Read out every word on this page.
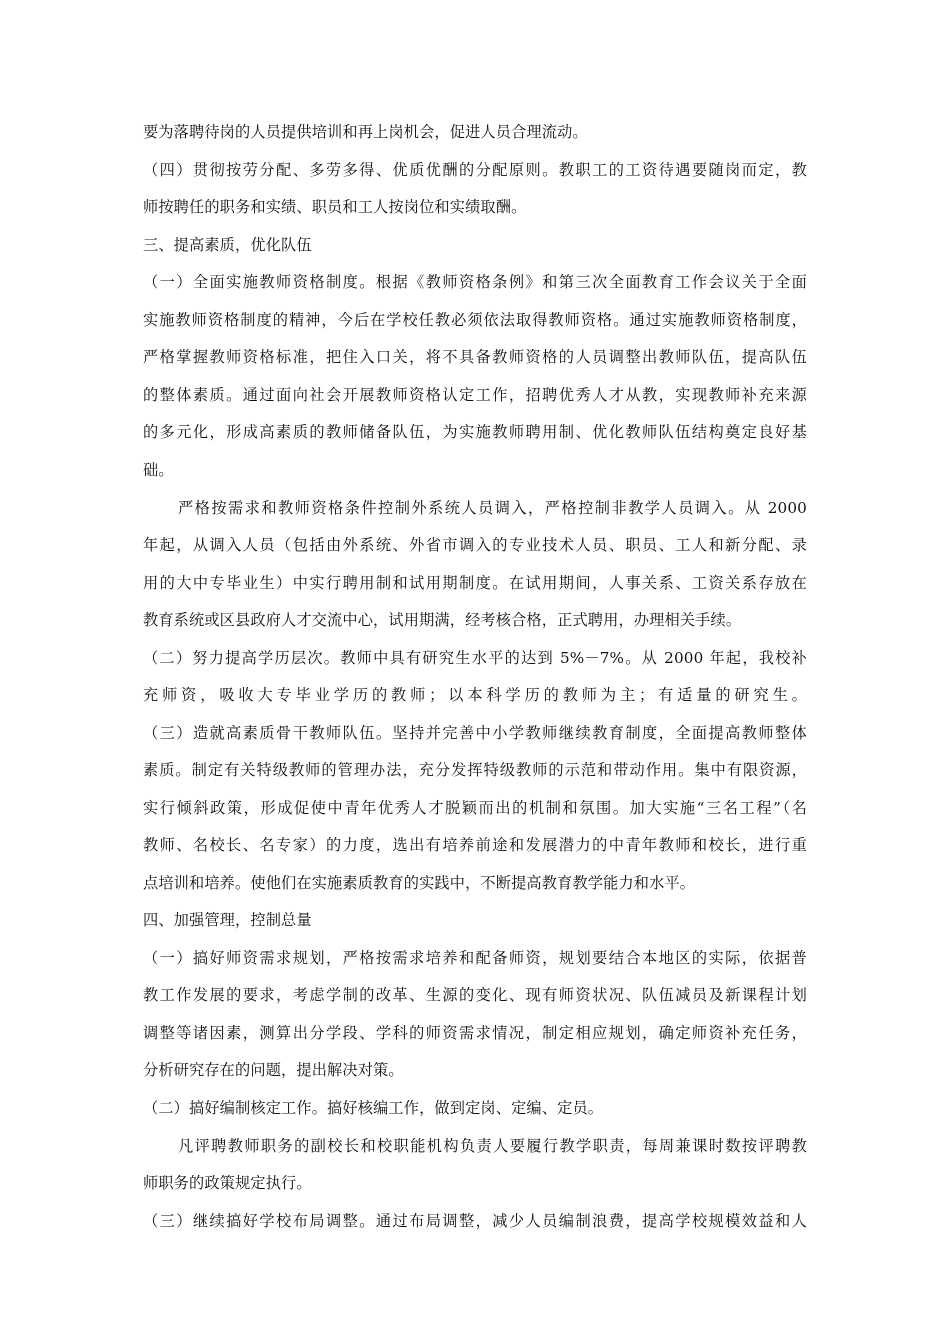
要为落聘待岗的人员提供培训和再上岗机会，促进人员合理流动。
（四）贯彻按劳分配、多劳多得、优质优酬的分配原则。教职工的工资待遇要随岗而定，教
师按聘任的职务和实绩、职员和工人按岗位和实绩取酬。
三、提高素质，优化队伍
（一）全面实施教师资格制度。根据《教师资格条例》和第三次全面教育工作会议关于全面
实施教师资格制度的精神，今后在学校任教必须依法取得教师资格。通过实施教师资格制度，
严格掌握教师资格标准，把住入口关，将不具备教师资格的人员调整出教师队伍，提高队伍
的整体素质。通过面向社会开展教师资格认定工作，招聘优秀人才从教，实现教师补充来源
的多元化，形成高素质的教师储备队伍，为实施教师聘用制、优化教师队伍结构奠定良好基
础。
严格按需求和教师资格条件控制外系统人员调入，严格控制非教学人员调入。从 2000
年起，从调入人员（包括由外系统、外省市调入的专业技术人员、职员、工人和新分配、录
用的大中专毕业生）中实行聘用制和试用期制度。在试用期间，人事关系、工资关系存放在
教育系统或区县政府人才交流中心，试用期满，经考核合格，正式聘用，办理相关手续。
（二）努力提高学历层次。教师中具有研究生水平的达到 5%－7%。从 2000 年起，我校补
充师资，吸收大专毕业学历的教师；以本科学历的教师为主；有适量的研究生。
（三）造就高素质骨干教师队伍。坚持并完善中小学教师继续教育制度，全面提高教师整体
素质。制定有关特级教师的管理办法，充分发挥特级教师的示范和带动作用。集中有限资源，
实行倾斜政策，形成促使中青年优秀人才脱颖而出的机制和氛围。加大实施“三名工程”（名
教师、名校长、名专家）的力度，选出有培养前途和发展潜力的中青年教师和校长，进行重
点培训和培养。使他们在实施素质教育的实践中，不断提高教育教学能力和水平。
四、加强管理，控制总量
（一）搞好师资需求规划，严格按需求培养和配备师资，规划要结合本地区的实际，依据普
教工作发展的要求，考虑学制的改革、生源的变化、现有师资状况、队伍减员及新课程计划
调整等诸因素，测算出分学段、学科的师资需求情况，制定相应规划，确定师资补充任务，
分析研究存在的问题，提出解决对策。
（二）搞好编制核定工作。搞好核编工作，做到定岗、定编、定员。
凡评聘教师职务的副校长和校职能机构负责人要履行教学职责，每周兼课时数按评聘教
师职务的政策规定执行。
（三）继续搞好学校布局调整。通过布局调整，减少人员编制浪费，提高学校规模效益和人
